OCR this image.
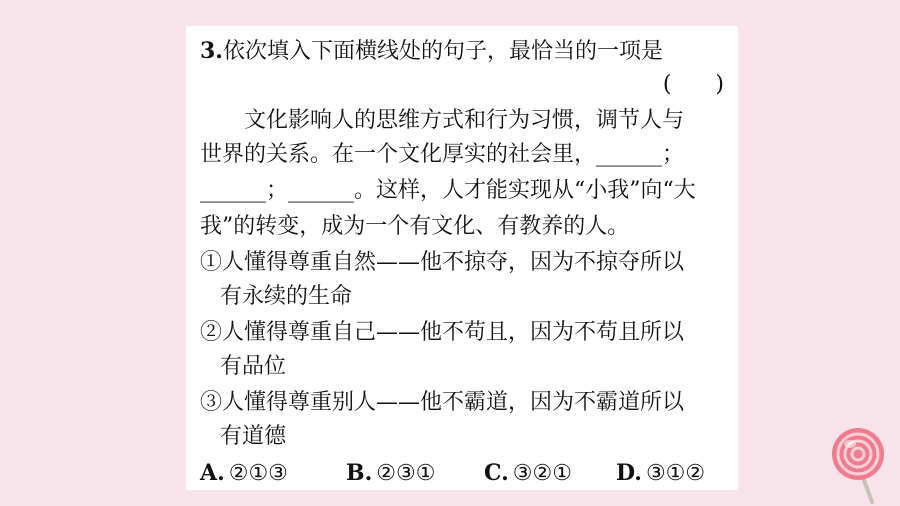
3.依次填入下面横线处的句子，最恰当的一项是
(　　)
文化影响人的思维方式和行为习惯，调节人与
世界的关系。在一个文化厚实的社会里，______；
______；______。这样，人才能实现从“小我”向“大
我”的转变，成为一个有文化、有教养的人。
①人懂得尊重自然——他不掠夺，因为不掠夺所以
有永续的生命
②人懂得尊重自己——他不苟且，因为不苟且所以
有品位
③人懂得尊重别人——他不霸道，因为不霸道所以
有道德
A. ②①③	B. ②③① C. ③②① D. ③①②
